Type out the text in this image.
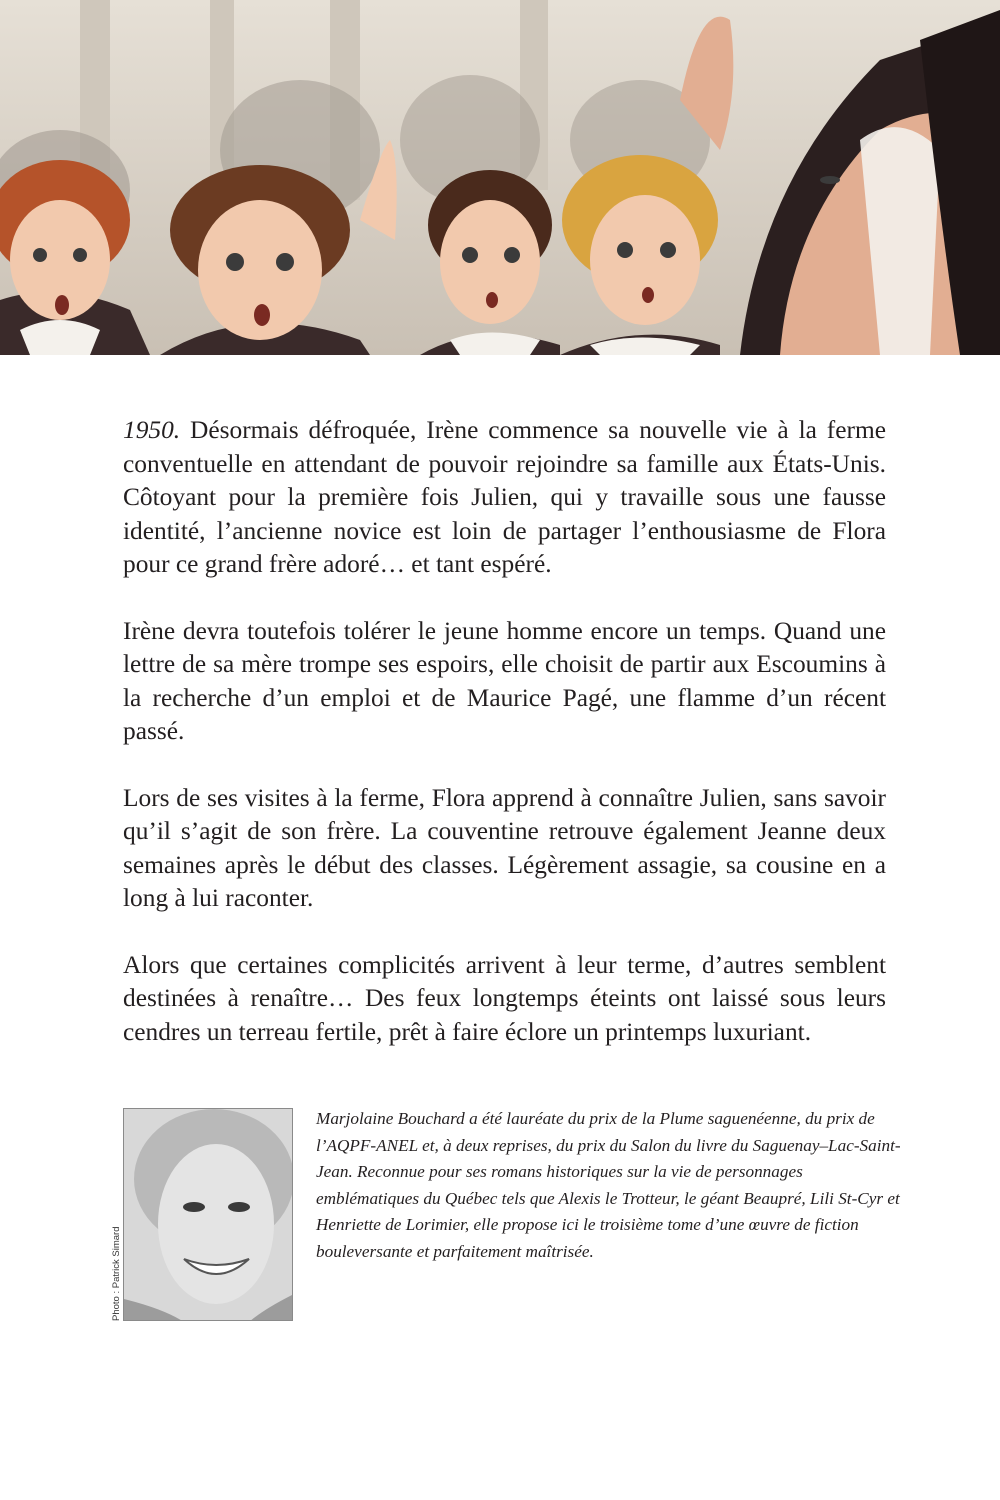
1950. Désormais défroquée, Irène commence sa nouvelle vie à la ferme conventuelle en attendant de pouvoir rejoindre sa famille aux États-Unis. Côtoyant pour la première fois Julien, qui y travaille sous une fausse identité, l’ancienne novice est loin de partager l’enthousiasme de Flora pour ce grand frère adoré… et tant espéré.

Irène devra toutefois tolérer le jeune homme encore un temps. Quand une lettre de sa mère trompe ses espoirs, elle choisit de partir aux Escoumins à la recherche d’un emploi et de Maurice Pagé, une flamme d’un récent passé.

Lors de ses visites à la ferme, Flora apprend à connaître Julien, sans savoir qu’il s’agit de son frère. La couventine retrouve également Jeanne deux semaines après le début des classes. Légèrement assagie, sa cousine en a long à lui raconter.

Alors que certaines complicités arrivent à leur terme, d’autres semblent destinées à renaître… Des feux longtemps éteints ont laissé sous leurs cendres un terreau fertile, prêt à faire éclore un printemps luxuriant.

Photo : Patrick Simard
Marjolaine Bouchard a été lauréate du prix de la Plume saguenéenne, du prix de l’AQPF-ANEL et, à deux reprises, du prix du Salon du livre du Saguenay–Lac-Saint-Jean. Reconnue pour ses romans historiques sur la vie de personnages emblématiques du Québec tels que Alexis le Trotteur, le géant Beaupré, Lili St-Cyr et Henriette de Lorimier, elle propose ici le troisième tome d’une œuvre de fiction bouleversante et parfaitement maîtrisée.
